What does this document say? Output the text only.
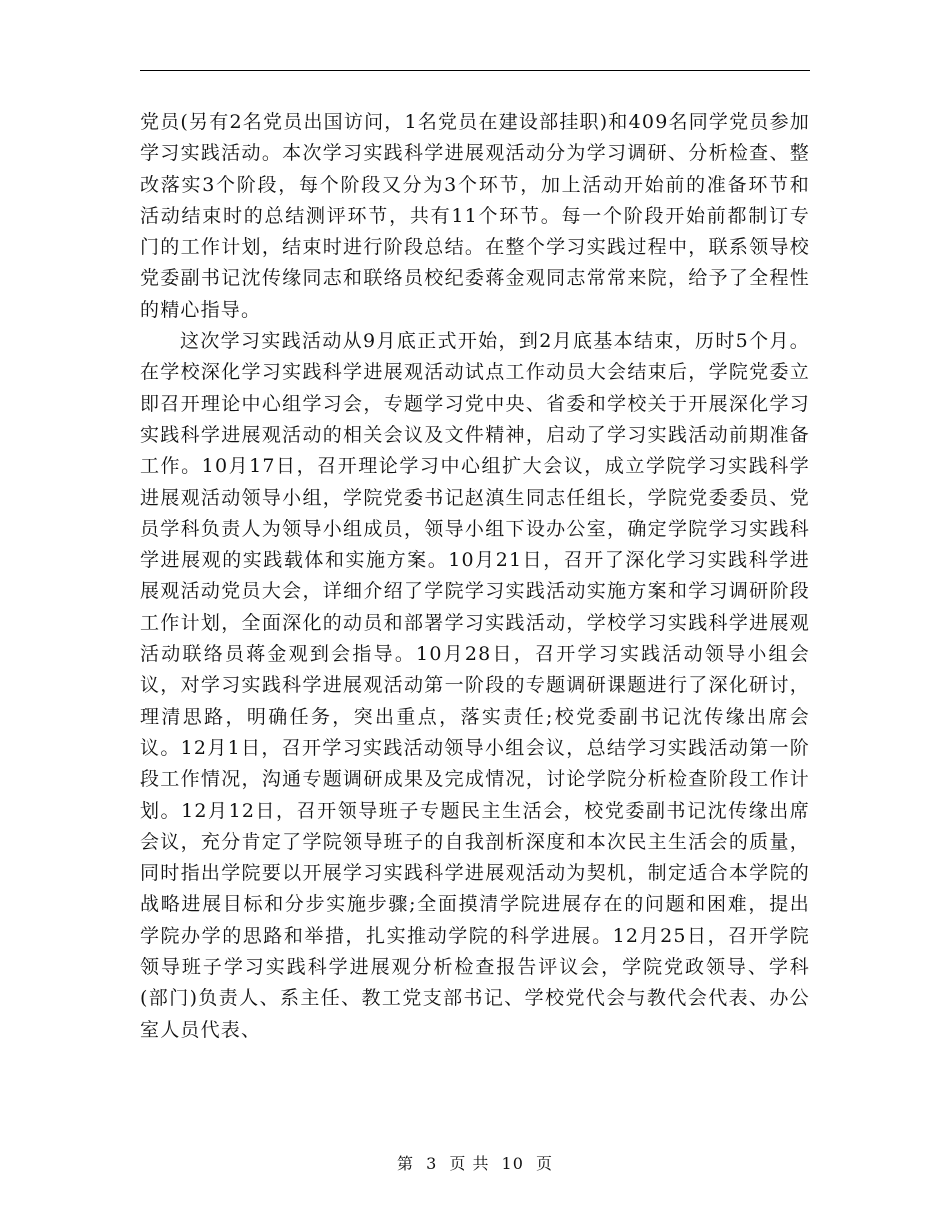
党员(另有2名党员出国访问，1名党员在建设部挂职)和409名同学党员参加学习实践活动。本次学习实践科学进展观活动分为学习调研、分析检查、整改落实3个阶段，每个阶段又分为3个环节，加上活动开始前的准备环节和活动结束时的总结测评环节，共有11个环节。每一个阶段开始前都制订专门的工作计划，结束时进行阶段总结。在整个学习实践过程中，联系领导校党委副书记沈传缘同志和联络员校纪委蒋金观同志常常来院，给予了全程性的精心指导。

这次学习实践活动从9月底正式开始，到2月底基本结束，历时5个月。在学校深化学习实践科学进展观活动试点工作动员大会结束后，学院党委立即召开理论中心组学习会，专题学习党中央、省委和学校关于开展深化学习实践科学进展观活动的相关会议及文件精神，启动了学习实践活动前期准备工作。10月17日，召开理论学习中心组扩大会议，成立学院学习实践科学进展观活动领导小组，学院党委书记赵滇生同志任组长，学院党委委员、党员学科负责人为领导小组成员，领导小组下设办公室，确定学院学习实践科学进展观的实践载体和实施方案。10月21日，召开了深化学习实践科学进展观活动党员大会，详细介绍了学院学习实践活动实施方案和学习调研阶段工作计划，全面深化的动员和部署学习实践活动，学校学习实践科学进展观活动联络员蒋金观到会指导。10月28日，召开学习实践活动领导小组会议，对学习实践科学进展观活动第一阶段的专题调研课题进行了深化研讨，理清思路，明确任务，突出重点，落实责任;校党委副书记沈传缘出席会议。12月1日，召开学习实践活动领导小组会议，总结学习实践活动第一阶段工作情况，沟通专题调研成果及完成情况，讨论学院分析检查阶段工作计划。12月12日，召开领导班子专题民主生活会，校党委副书记沈传缘出席会议，充分肯定了学院领导班子的自我剖析深度和本次民主生活会的质量，同时指出学院要以开展学习实践科学进展观活动为契机，制定适合本学院的战略进展目标和分步实施步骤;全面摸清学院进展存在的问题和困难，提出学院办学的思路和举措，扎实推动学院的科学进展。12月25日，召开学院领导班子学习实践科学进展观分析检查报告评议会，学院党政领导、学科(部门)负责人、系主任、教工党支部书记、学校党代会与教代会代表、办公室人员代表、

第 3 页 共 10 页
